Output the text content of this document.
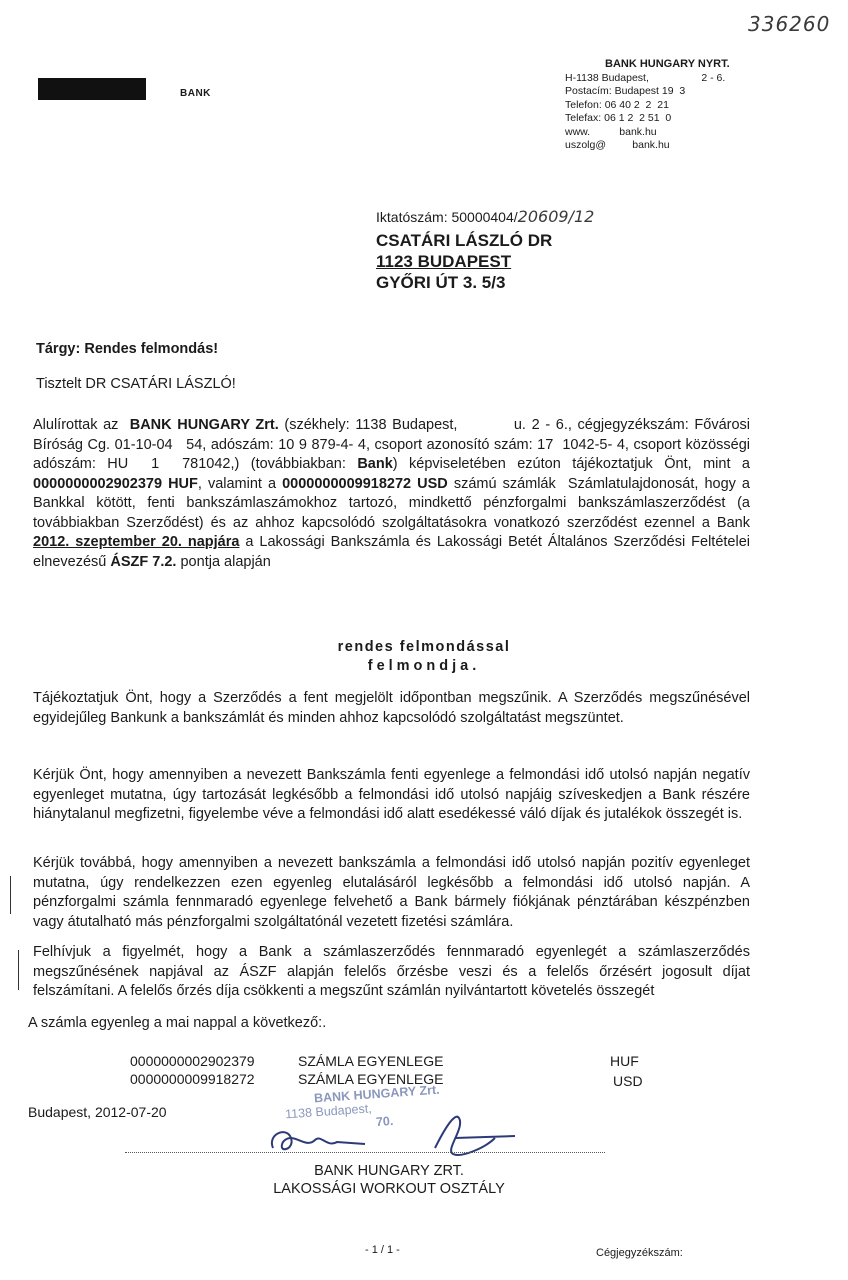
336260
BANK
BANK HUNGARY NYRT.
H-1138 Budapest,                  2 - 6.
Postacím: Budapest 19  3
Telefon: 06 40 2  2  21
Telefax: 06 1 2  2 51  0
www.          bank.hu
uszolg@         bank.hu
Iktatószám: 50000404/20609/12
CSATÁRI LÁSZLÓ DR
1123 BUDAPEST
GYŐRI ÚT 3. 5/3
Tárgy: Rendes felmondás!
Tisztelt DR CSATÁRI LÁSZLÓ!
Alulírottak az  BANK HUNGARY Zrt. (székhely: 1138 Budapest,          u. 2 - 6., cégjegyzékszám: Fővárosi Bíróság Cg. 01-10-04   54, adószám: 10 9 879-4- 4, csoport azonosító szám: 17  1042-5- 4, csoport közösségi adószám: HU  1  781042,) (továbbiakban: Bank) képviseletében ezúton tájékoztatjuk Önt, mint a 0000000002902379 HUF, valamint a 0000000009918272 USD számú számlák  Számlatulajdonosát, hogy a Bankkal kötött, fenti bankszámlaszámokhoz tartozó, mindkettő pénzforgalmi bankszámlaszerződést (a továbbiakban Szerződést) és az ahhoz kapcsolódó szolgáltatásokra vonatkozó szerződést ezennel a Bank 2012. szeptember 20. napjára a Lakossági Bankszámla és Lakossági Betét Általános Szerződési Feltételei elnevezésű ÁSZF 7.2. pontja alapján
rendes felmondással
felmondja.
Tájékoztatjuk Önt, hogy a Szerződés a fent megjelölt időpontban megszűnik. A Szerződés megszűnésével egyidejűleg Bankunk a bankszámlát és minden ahhoz kapcsolódó szolgáltatást megszüntet.
Kérjük Önt, hogy amennyiben a nevezett Bankszámla fenti egyenlege a felmondási idő utolsó napján negatív egyenleget mutatna, úgy tartozását legkésőbb a felmondási idő utolsó napjáig szíveskedjen a Bank részére hiánytalanul megfizetni, figyelembe véve a felmondási idő alatt esedékessé váló díjak és jutalékok összegét is.
Kérjük továbbá, hogy amennyiben a nevezett bankszámla a felmondási idő utolsó napján pozitív egyenleget mutatna, úgy rendelkezzen ezen egyenleg elutalásáról legkésőbb a felmondási idő utolsó napján. A pénzforgalmi számla fennmaradó egyenlege felvehető a Bank bármely fiókjának pénztárában készpénzben vagy átutalható más pénzforgalmi szolgáltatónál vezetett fizetési számlára.
Felhívjuk a figyelmét, hogy a Bank a számlaszerződés fennmaradó egyenlegét a számlaszerződés megszűnésének napjával az ÁSZF alapján felelős őrzésbe veszi és a felelős őrzésért jogosult díjat felszámítani. A felelős őrzés díja csökkenti a megszűnt számlán nyilvántartott követelés összegét
A számla egyenleg a mai nappal a következő:.
0000000002902379	SZÁMLA EGYENLEGE	HUF
0000000009918272	SZÁMLA EGYENLEGE	USD
Budapest, 2012-07-20
BANK HUNGARY Zrt.
1138 Budapest,
70.
BANK HUNGARY ZRT.
LAKOSSÁGI WORKOUT OSZTÁLY
- 1 / 1 -	Cégjegyzékszám:
